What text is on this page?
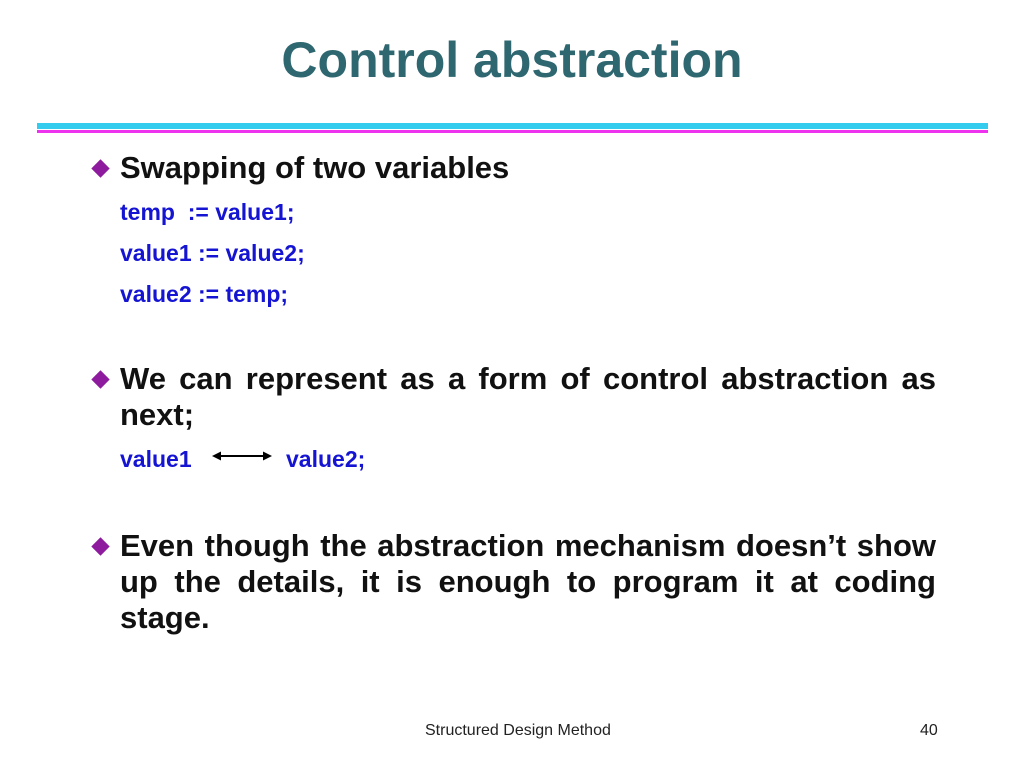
Control abstraction
Swapping of two variables
temp  := value1;
value1 := value2;
value2 := temp;
We can represent as a form of control abstraction as next;
value1	value2;
Even though the abstraction mechanism doesn’t show up the details, it is enough to program it at coding stage.
Structured Design Method	40
